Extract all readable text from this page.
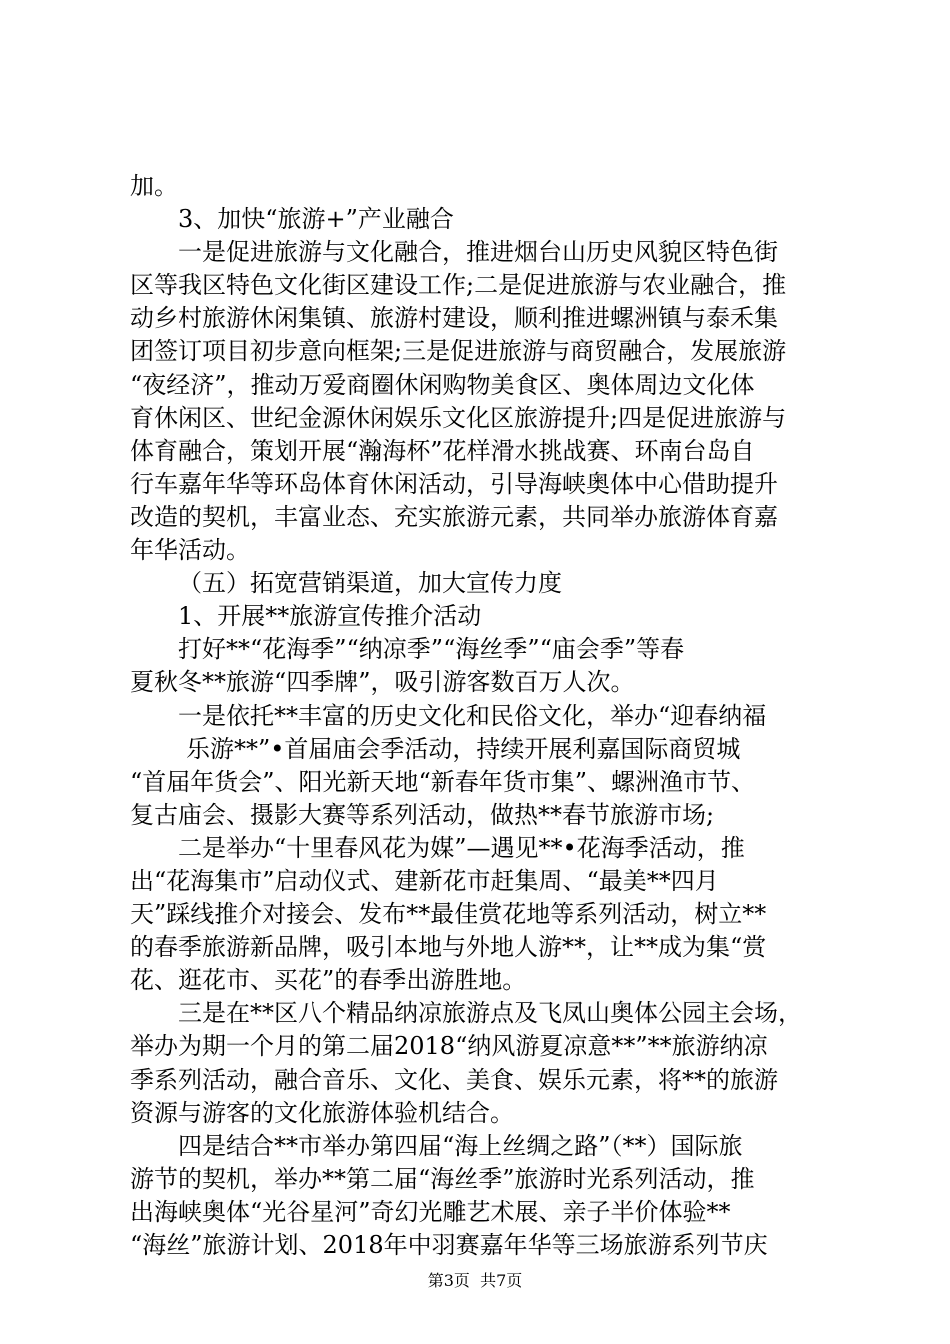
加。
3、加快“旅游+”产业融合
一是促进旅游与文化融合，推进烟台山历史风貌区特色街
区等我区特色文化街区建设工作;二是促进旅游与农业融合，推
动乡村旅游休闲集镇、旅游村建设，顺利推进螺洲镇与泰禾集
团签订项目初步意向框架;三是促进旅游与商贸融合，发展旅游
“夜经济”，推动万爱商圈休闲购物美食区、奥体周边文化体
育休闲区、世纪金源休闲娱乐文化区旅游提升;四是促进旅游与
体育融合，策划开展“瀚海杯”花样滑水挑战赛、环南台岛自
行车嘉年华等环岛体育休闲活动，引导海峡奥体中心借助提升
改造的契机，丰富业态、充实旅游元素，共同举办旅游体育嘉
年华活动。
（五）拓宽营销渠道，加大宣传力度
1、开展**旅游宣传推介活动
打好**“花海季”“纳凉季”“海丝季”“庙会季”等春
夏秋冬**旅游“四季牌”，吸引游客数百万人次。
一是依托**丰富的历史文化和民俗文化，举办“迎春纳福
乐游**”•首届庙会季活动，持续开展利嘉国际商贸城
“首届年货会”、阳光新天地“新春年货市集”、螺洲渔市节、
复古庙会、摄影大赛等系列活动，做热**春节旅游市场;
二是举办“十里春风花为媒”—遇见**•花海季活动，推
出“花海集市”启动仪式、建新花市赶集周、“最美**四月
天”踩线推介对接会、发布**最佳赏花地等系列活动，树立**
的春季旅游新品牌，吸引本地与外地人游**，让**成为集“赏
花、逛花市、买花”的春季出游胜地。
三是在**区八个精品纳凉旅游点及飞凤山奥体公园主会场，
举办为期一个月的第二届2018“纳风游夏凉意**”**旅游纳凉
季系列活动，融合音乐、文化、美食、娱乐元素，将**的旅游
资源与游客的文化旅游体验机结合。
四是结合**市举办第四届“海上丝绸之路”（**）国际旅
游节的契机，举办**第二届“海丝季”旅游时光系列活动，推
出海峡奥体“光谷星河”奇幻光雕艺术展、亲子半价体验**
“海丝”旅游计划、2018年中羽赛嘉年华等三场旅游系列节庆
第3页  共7页
